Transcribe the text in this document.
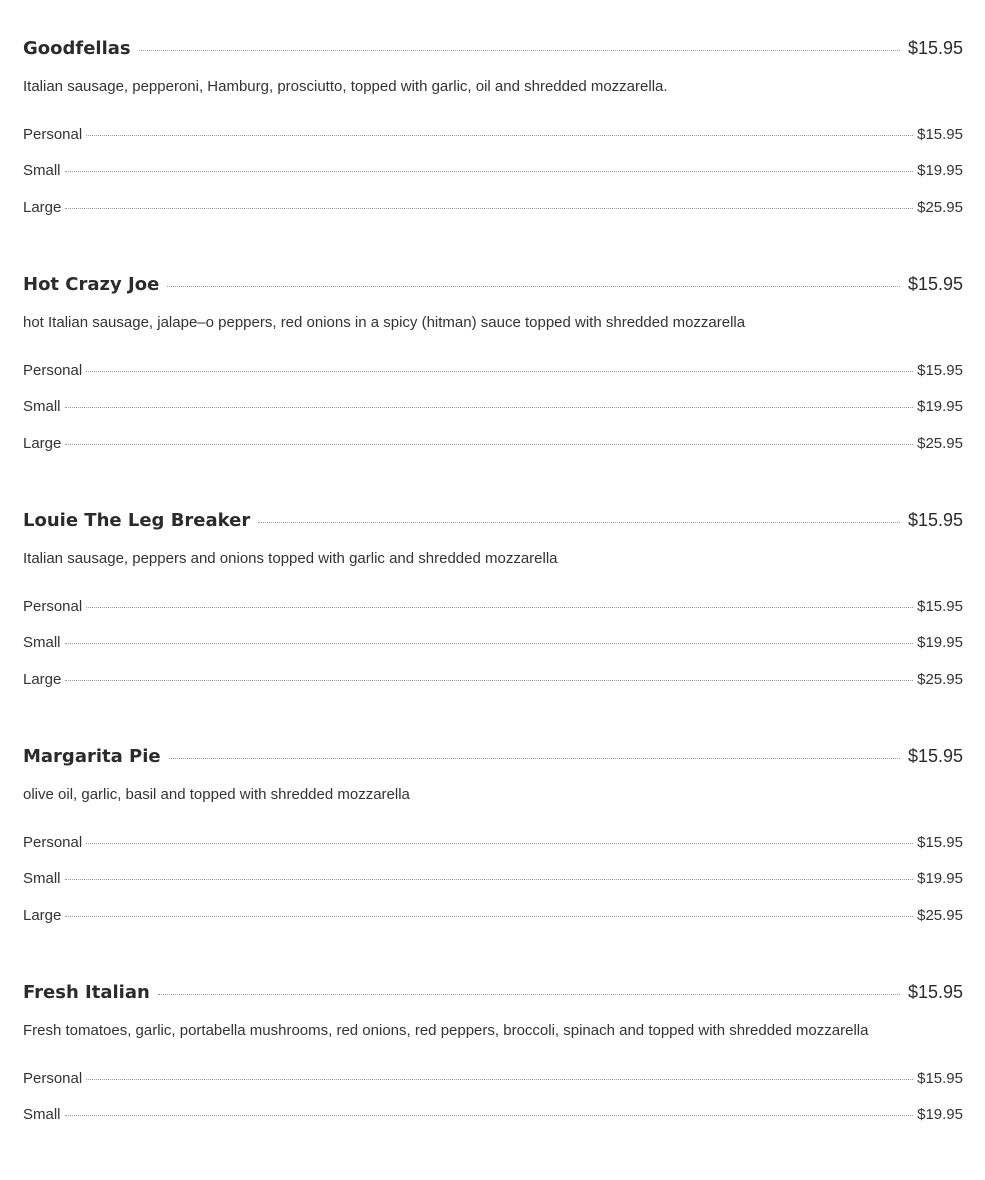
Goodfellas	$15.95
Italian sausage, pepperoni, Hamburg, prosciutto, topped with garlic, oil and shredded mozzarella.
Personal	$15.95
Small	$19.95
Large	$25.95
Hot Crazy Joe	$15.95
hot Italian sausage, jalape–o peppers, red onions in a spicy (hitman) sauce topped with shredded mozzarella
Personal	$15.95
Small	$19.95
Large	$25.95
Louie The Leg Breaker	$15.95
Italian sausage, peppers and onions topped with garlic and shredded mozzarella
Personal	$15.95
Small	$19.95
Large	$25.95
Margarita Pie	$15.95
olive oil, garlic, basil and topped with shredded mozzarella
Personal	$15.95
Small	$19.95
Large	$25.95
Fresh Italian	$15.95
Fresh tomatoes, garlic, portabella mushrooms, red onions, red peppers, broccoli, spinach and topped with shredded mozzarella
Personal	$15.95
Small	$19.95
